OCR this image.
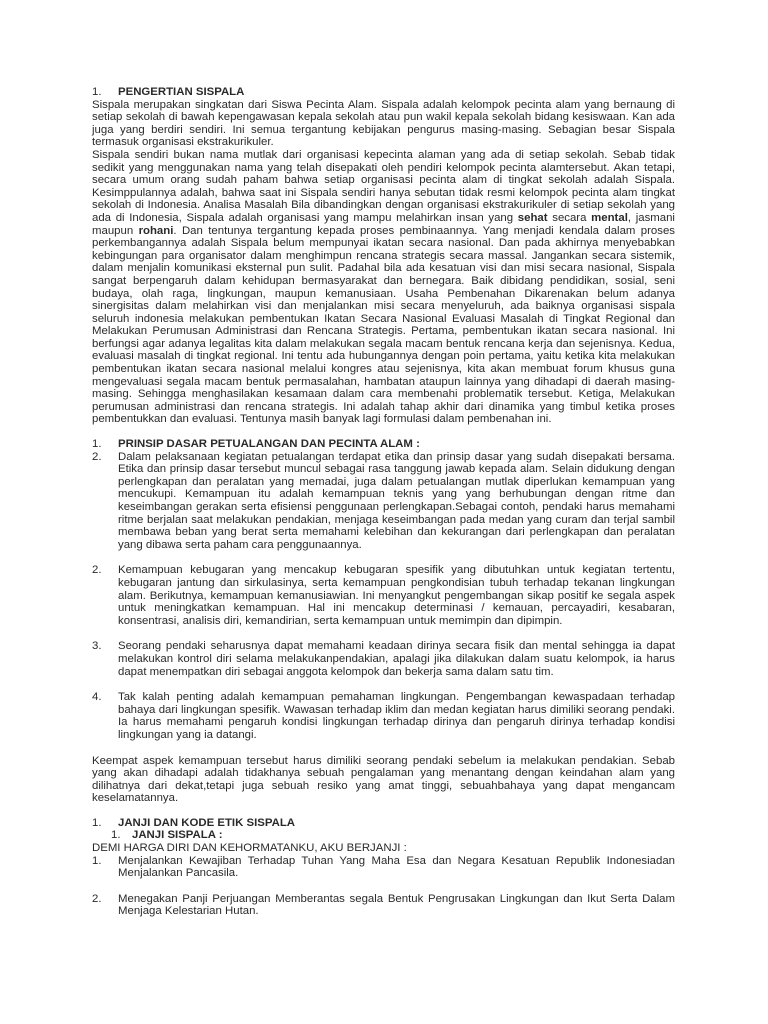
1.	PENGERTIAN SISPALA

Sispala merupakan singkatan dari Siswa Pecinta Alam. Sispala adalah kelompok pecinta alam yang bernaung di setiap sekolah di bawah kepengawasan kepala sekolah atau pun wakil kepala sekolah bidang kesiswaan. Kan ada juga yang berdiri sendiri. Ini semua tergantung kebijakan pengurus masing-masing. Sebagian besar Sispala termasuk organisasi ekstrakurikuler.

Sispala sendiri bukan nama mutlak dari organisasi kepecinta alaman yang ada di setiap sekolah. Sebab tidak sedikit yang menggunakan nama yang telah disepakati oleh pendiri kelompok pecinta alamtersebut. Akan tetapi, secara umum orang sudah paham bahwa setiap organisasi pecinta alam di tingkat sekolah adalah Sispala. Kesimppulannya adalah, bahwa saat ini Sispala sendiri hanya sebutan tidak resmi kelompok pecinta alam tingkat sekolah di Indonesia. Analisa Masalah Bila dibandingkan dengan organisasi ekstrakurikuler di setiap sekolah yang ada di Indonesia, Sispala adalah organisasi yang mampu melahirkan insan yang sehat secara mental, jasmani maupun rohani. Dan tentunya tergantung kepada proses pembinaannya. Yang menjadi kendala dalam proses perkembangannya adalah Sispala belum mempunyai ikatan secara nasional. Dan pada akhirnya menyebabkan kebingungan para organisator dalam menghimpun rencana strategis secara massal. Jangankan secara sistemik, dalam menjalin komunikasi eksternal pun sulit. Padahal bila ada kesatuan visi dan misi secara nasional, Sispala sangat berpengaruh dalam kehidupan bermasyarakat dan bernegara. Baik dibidang pendidikan, sosial, seni budaya, olah raga, lingkungan, maupun kemanusiaan. Usaha Pembenahan Dikarenakan belum adanya sinergisitas dalam melahirkan visi dan menjalankan misi secara menyeluruh, ada baiknya organisasi sispala seluruh indonesia melakukan pembentukan Ikatan Secara Nasional Evaluasi Masalah di Tingkat Regional dan Melakukan Perumusan Administrasi dan Rencana Strategis. Pertama, pembentukan ikatan secara nasional. Ini berfungsi agar adanya legalitas kita dalam melakukan segala macam bentuk rencana kerja dan sejenisnya. Kedua, evaluasi masalah di tingkat regional. Ini tentu ada hubungannya dengan poin pertama, yaitu ketika kita melakukan pembentukan ikatan secara nasional melalui kongres atau sejenisnya, kita akan membuat forum khusus guna mengevaluasi segala macam bentuk permasalahan, hambatan ataupun lainnya yang dihadapi di daerah masing-masing. Sehingga menghasilakan kesamaan dalam cara membenahi problematik tersebut. Ketiga, Melakukan perumusan administrasi dan rencana strategis. Ini adalah tahap akhir dari dinamika yang timbul ketika proses pembentukkan dan evaluasi. Tentunya masih banyak lagi formulasi dalam pembenahan ini.

1.	PRINSIP DASAR PETUALANGAN DAN PECINTA ALAM :
2.	Dalam pelaksanaan kegiatan petualangan terdapat etika dan prinsip dasar yang sudah disepakati bersama. Etika dan prinsip dasar tersebut muncul sebagai rasa tanggung jawab kepada alam. Selain didukung dengan perlengkapan dan peralatan yang memadai, juga dalam petualangan mutlak diperlukan kemampuan yang mencukupi. Kemampuan itu adalah kemampuan teknis yang yang berhubungan dengan ritme dan keseimbangan gerakan serta efisiensi penggunaan perlengkapan.Sebagai contoh, pendaki harus memahami ritme berjalan saat melakukan pendakian, menjaga keseimbangan pada medan yang curam dan terjal sambil membawa beban yang berat serta memahami kelebihan dan kekurangan dari perlengkapan dan peralatan yang dibawa serta paham cara penggunaannya.
2.	Kemampuan kebugaran yang mencakup kebugaran spesifik yang dibutuhkan untuk kegiatan tertentu, kebugaran jantung dan sirkulasinya, serta kemampuan pengkondisian tubuh terhadap tekanan lingkungan alam. Berikutnya, kemampuan kemanusiawian. Ini menyangkut pengembangan sikap positif ke segala aspek untuk meningkatkan kemampuan. Hal ini mencakup determinasi / kemauan, percayadiri, kesabaran, konsentrasi, analisis diri, kemandirian, serta kemampuan untuk memimpin dan dipimpin.
3.	Seorang pendaki seharusnya dapat memahami keadaan dirinya secara fisik dan mental sehingga ia dapat melakukan kontrol diri selama melakukanpendakian, apalagi jika dilakukan dalam suatu kelompok, ia harus dapat menempatkan diri sebagai anggota kelompok dan bekerja sama dalam satu tim.
4.	Tak kalah penting adalah kemampuan pemahaman lingkungan. Pengembangan kewaspadaan terhadap bahaya dari lingkungan spesifik. Wawasan terhadap iklim dan medan kegiatan harus dimiliki seorang pendaki. Ia harus memahami pengaruh kondisi lingkungan terhadap dirinya dan pengaruh dirinya terhadap kondisi lingkungan yang ia datangi.

Keempat aspek kemampuan tersebut harus dimiliki seorang pendaki sebelum ia melakukan pendakian. Sebab yang akan dihadapi adalah tidakhanya sebuah pengalaman yang menantang dengan keindahan alam yang dilihatnya dari dekat,tetapi juga sebuah resiko yang amat tinggi, sebuahbahaya yang dapat mengancam keselamatannya.

1.	JANJI DAN KODE ETIK SISPALA
1.	JANJI SISPALA :

DEMI HARGA DIRI DAN KEHORMATANKU, AKU BERJANJI :

1.	Menjalankan Kewajiban Terhadap Tuhan Yang Maha Esa dan Negara Kesatuan Republik Indonesiadan Menjalankan Pancasila.
2.	Menegakan Panji Perjuangan Memberantas segala Bentuk Pengrusakan Lingkungan dan Ikut Serta Dalam Menjaga Kelestarian Hutan.
